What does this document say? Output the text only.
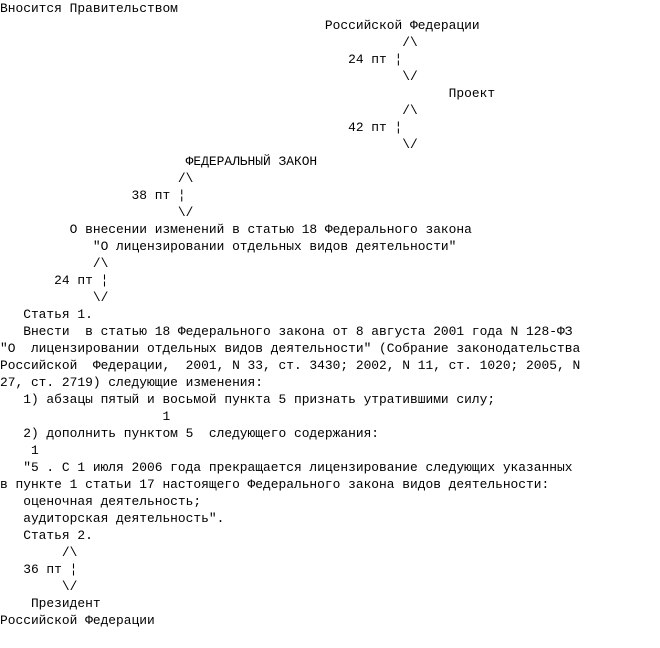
Вносится Правительством
Российской Федерации
/\
24 пт ¦
\/
Проект
/\
42 пт ¦
\/
ФЕДЕРАЛЬНЫЙ ЗАКОН
/\
38 пт ¦
\/
О внесении изменений в статью 18 Федерального закона
"О лицензировании отдельных видов деятельности"
/\
24 пт ¦
\/
Статья 1.
Внести  в статью 18 Федерального закона от 8 августа 2001 года N 128-ФЗ
"О  лицензировании отдельных видов деятельности" (Собрание законодательства
Российской  Федерации,  2001, N 33, ст. 3430; 2002, N 11, ст. 1020; 2005, N
27, ст. 2719) следующие изменения:
1) абзацы пятый и восьмой пункта 5 признать утратившими силу;
1
2) дополнить пунктом 5  следующего содержания:
1
"5 . С 1 июля 2006 года прекращается лицензирование следующих указанных
в пункте 1 статьи 17 настоящего Федерального закона видов деятельности:
оценочная деятельность;
аудиторская деятельность".
Статья 2.
/\
36 пт ¦
\/
Президент
Российской Федерации
